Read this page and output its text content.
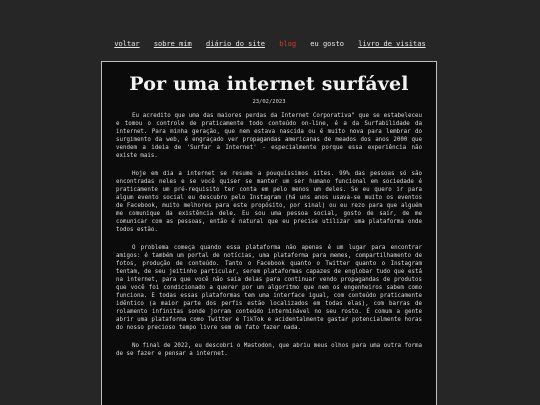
voltar sobre mim diário do site blog eu gosto livro de visitas
Por uma internet surfável
23/02/2023

Eu acredito que uma das maiores perdas da Internet Corporativa" que se estabeleceu e tomou o controle de praticamente todo conteúdo on-line, é a da Surfabilidade da internet. Para minha geração, que nem estava nascida ou é muito nova para lembrar do surgimento da web, é engraçado ver propagandas americanas de meados dos anos 2000 que vendem a ideia de 'Surfar a Internet' - especialmente porque essa experiência não existe mais.

Hoje em dia a internet se resume a pouquíssimos sites. 99% das pessoas só são encontradas neles e se você quiser se manter um ser humano funcional em sociedade é praticamente um pré-requisito ter conta em pelo menos um deles. Se eu quero ir para algum evento social eu descubro pelo Instagram (há uns anos usava-se muito os eventos de Facebook, muito melhores para este propósito, por sinal) ou eu rezo para que alguém me comunique da existência dele. Eu sou uma pessoa social, gosto de sair, de me comunicar com as pessoas, então é natural que eu precise utilizar uma plataforma onde todos estão.

O problema começa quando essa plataforma não apenas é um lugar para encontrar amigos: é também um portal de notícias, uma plataforma para memes, compartilhamento de fotos, produção de conteúdo. Tanto o Facebook quanto o Twitter quanto o Instagram tentam, de seu jeitinho particular, serem plataformas capazes de englobar tudo que está na internet, para que você não saia delas para continuar vendo propagandas de produtos que você foi condicionado a querer por um algoritmo que nem os engenheiros sabem como funciona. E todas essas plataformas tem uma interface igual, com conteúdo praticamente idêntico (a maior parte dos perfis estão localizados em todas elas), com barras de rolamento infinitas sonde jorram conteúdo interminável no seu rosto. É comum a gente abrir uma plataforma como Twitter e TikTok e acidentalmente gastar potencialmente horas do nosso precioso tempo livre sem de fato fazer nada.

No final de 2022, eu descobri o Mastodon, que abriu meus olhos para uma outra forma de se fazer e pensar a internet.
